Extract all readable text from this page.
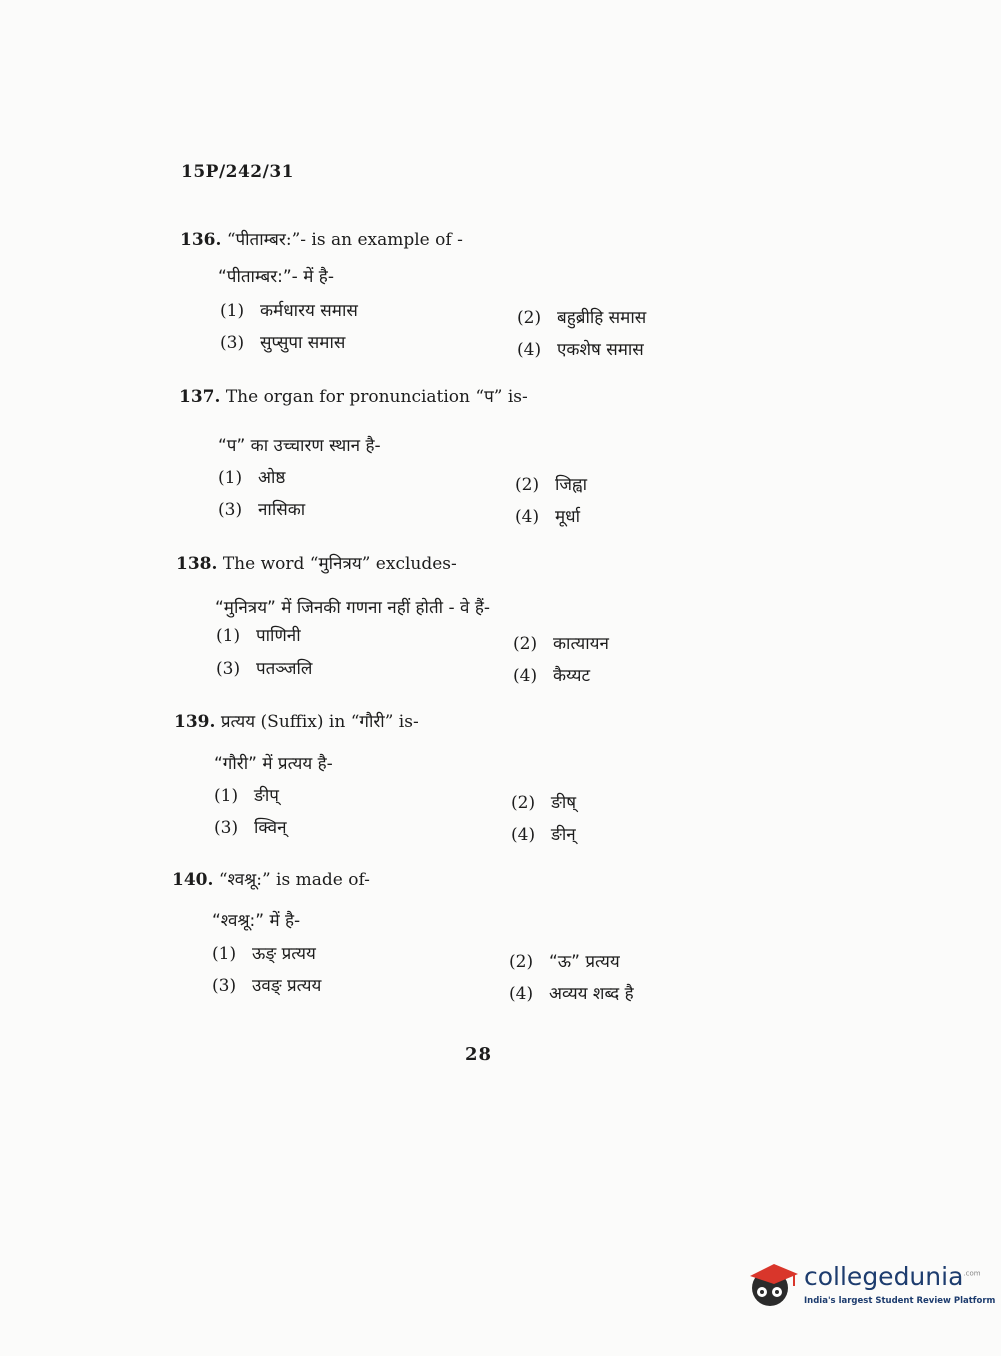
15P/242/31
136. “पीताम्बर:”- is an example of -
“पीताम्बर:”- में है-
(1) कर्मधारय समास	(2) बहुब्रीहि समास
(3) सुप्सुपा समास	(4) एकशेष समास
137. The organ for pronunciation “प” is-
“प” का उच्चारण स्थान है-
(1) ओष्ठ	(2) जिह्वा
(3) नासिका	(4) मूर्धा
138. The word “मुनित्रय” excludes-
“मुनित्रय” में जिनकी गणना नहीं होती - वे हैं-
(1) पाणिनी	(2) कात्यायन
(3) पतञ्जलि	(4) कैय्यट
139. प्रत्यय (Suffix) in “गौरी” is-
“गौरी” में प्रत्यय है-
(1) ङीप्	(2) ङीष्
(3) क्विन्	(4) ङीन्
140. “श्वश्रू:” is made of-
“श्वश्रू:” में है-
(1) ऊङ् प्रत्यय	(2) “ऊ” प्रत्यय
(3) उवङ् प्रत्यय	(4) अव्यय शब्द है
28
collegedunia$^{.com}$
India's largest Student Review Platform
